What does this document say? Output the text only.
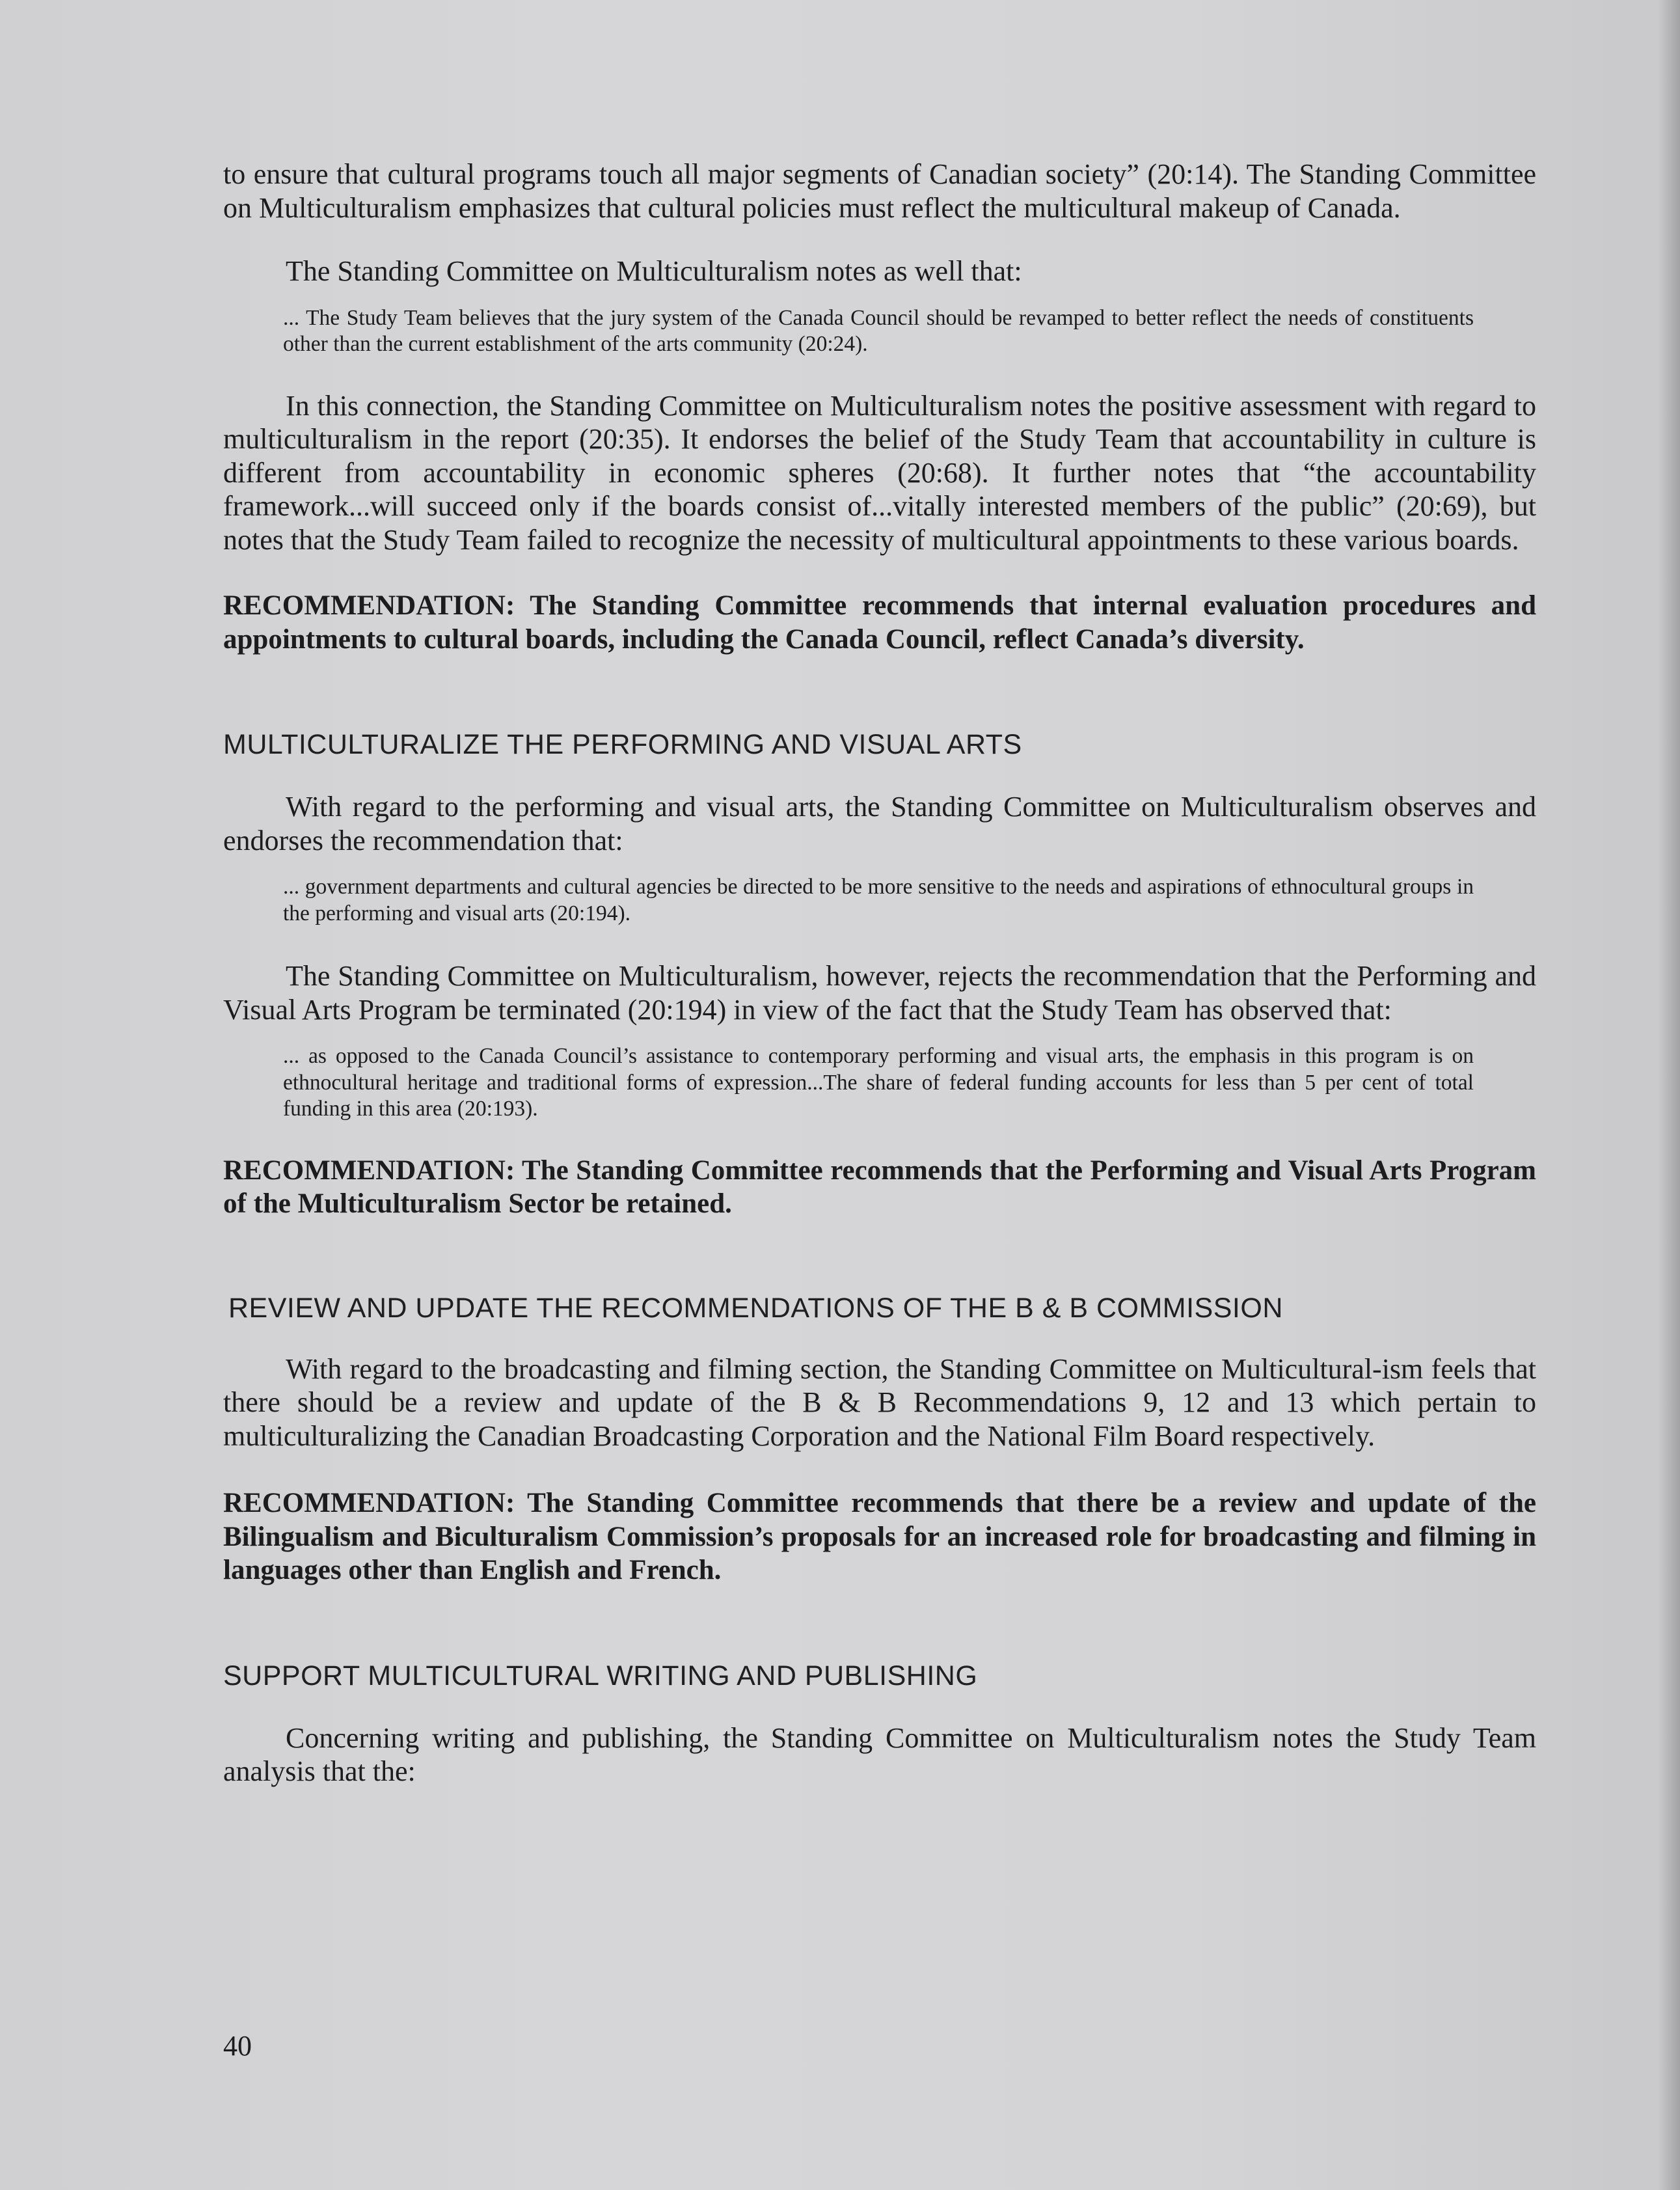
to ensure that cultural programs touch all major segments of Canadian society” (20:14). The Standing Committee on Multiculturalism emphasizes that cultural policies must reflect the multicultural makeup of Canada.

The Standing Committee on Multiculturalism notes as well that:

... The Study Team believes that the jury system of the Canada Council should be revamped to better reflect the needs of constituents other than the current establishment of the arts community (20:24).

In this connection, the Standing Committee on Multiculturalism notes the positive assessment with regard to multiculturalism in the report (20:35). It endorses the belief of the Study Team that accountability in culture is different from accountability in economic spheres (20:68). It further notes that “the accountability framework...will succeed only if the boards consist of...vitally interested members of the public” (20:69), but notes that the Study Team failed to recognize the necessity of multicultural appointments to these various boards.

RECOMMENDATION: The Standing Committee recommends that internal evaluation procedures and appointments to cultural boards, including the Canada Council, reflect Canada’s diversity.

MULTICULTURALIZE THE PERFORMING AND VISUAL ARTS

With regard to the performing and visual arts, the Standing Committee on Multiculturalism observes and endorses the recommendation that:

... government departments and cultural agencies be directed to be more sensitive to the needs and aspirations of ethnocultural groups in the performing and visual arts (20:194).

The Standing Committee on Multiculturalism, however, rejects the recommendation that the Performing and Visual Arts Program be terminated (20:194) in view of the fact that the Study Team has observed that:

... as opposed to the Canada Council’s assistance to contemporary performing and visual arts, the emphasis in this program is on ethnocultural heritage and traditional forms of expression...The share of federal funding accounts for less than 5 per cent of total funding in this area (20:193).

RECOMMENDATION: The Standing Committee recommends that the Performing and Visual Arts Program of the Multiculturalism Sector be retained.

REVIEW AND UPDATE THE RECOMMENDATIONS OF THE B & B COMMISSION

With regard to the broadcasting and filming section, the Standing Committee on Multicultural-ism feels that there should be a review and update of the B & B Recommendations 9, 12 and 13 which pertain to multiculturalizing the Canadian Broadcasting Corporation and the National Film Board respectively.

RECOMMENDATION: The Standing Committee recommends that there be a review and update of the Bilingualism and Biculturalism Commission’s proposals for an increased role for broadcasting and filming in languages other than English and French.

SUPPORT MULTICULTURAL WRITING AND PUBLISHING

Concerning writing and publishing, the Standing Committee on Multiculturalism notes the Study Team analysis that the:

40
